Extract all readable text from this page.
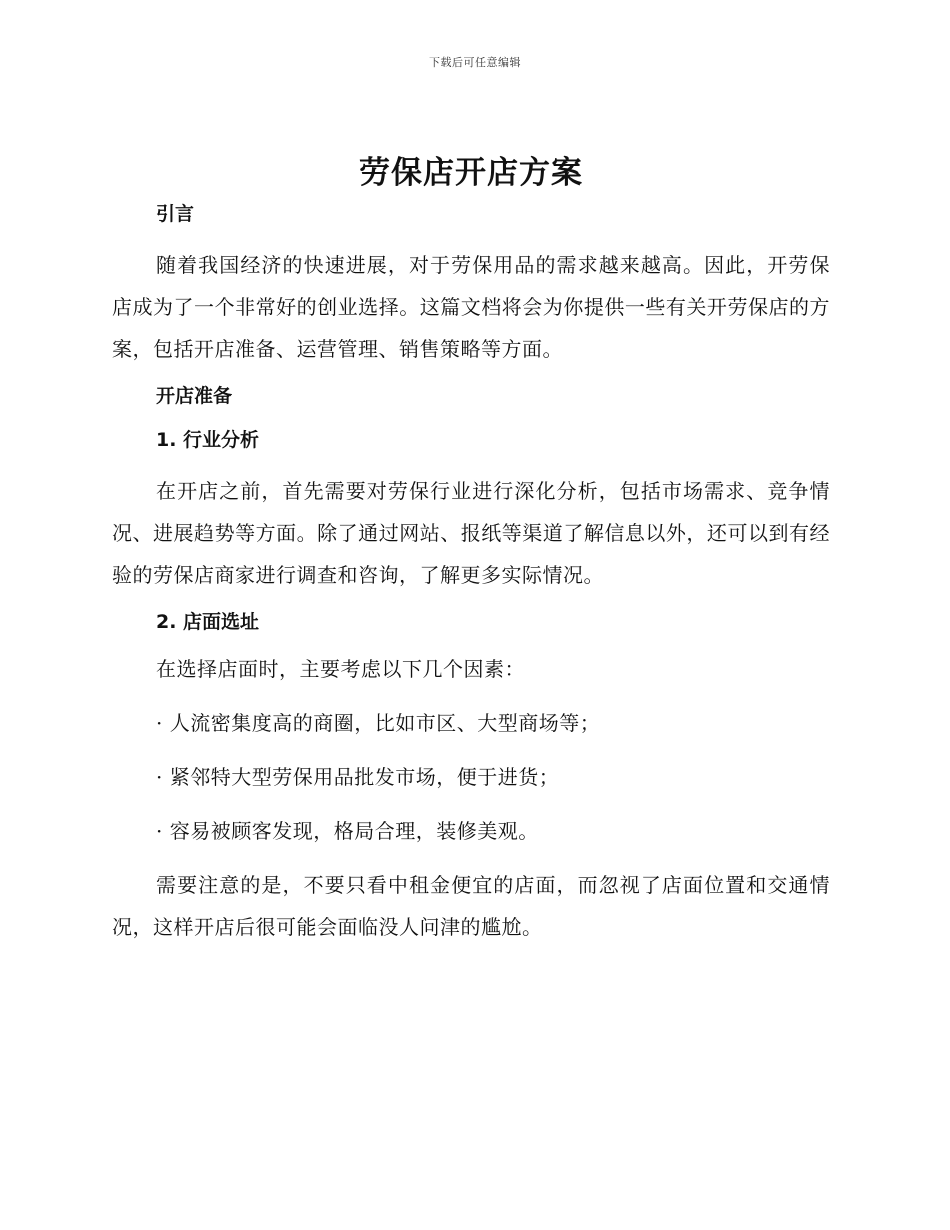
下载后可任意编辑
劳保店开店方案
引言

随着我国经济的快速进展，对于劳保用品的需求越来越高。因此，开劳保店成为了一个非常好的创业选择。这篇文档将会为你提供一些有关开劳保店的方案，包括开店准备、运营管理、销售策略等方面。

开店准备
1. 行业分析

在开店之前，首先需要对劳保行业进行深化分析，包括市场需求、竞争情况、进展趋势等方面。除了通过网站、报纸等渠道了解信息以外，还可以到有经验的劳保店商家进行调查和咨询，了解更多实际情况。

2. 店面选址

在选择店面时，主要考虑以下几个因素：

· 人流密集度高的商圈，比如市区、大型商场等；

· 紧邻特大型劳保用品批发市场，便于进货；

· 容易被顾客发现，格局合理，装修美观。

需要注意的是，不要只看中租金便宜的店面，而忽视了店面位置和交通情况，这样开店后很可能会面临没人问津的尴尬。
